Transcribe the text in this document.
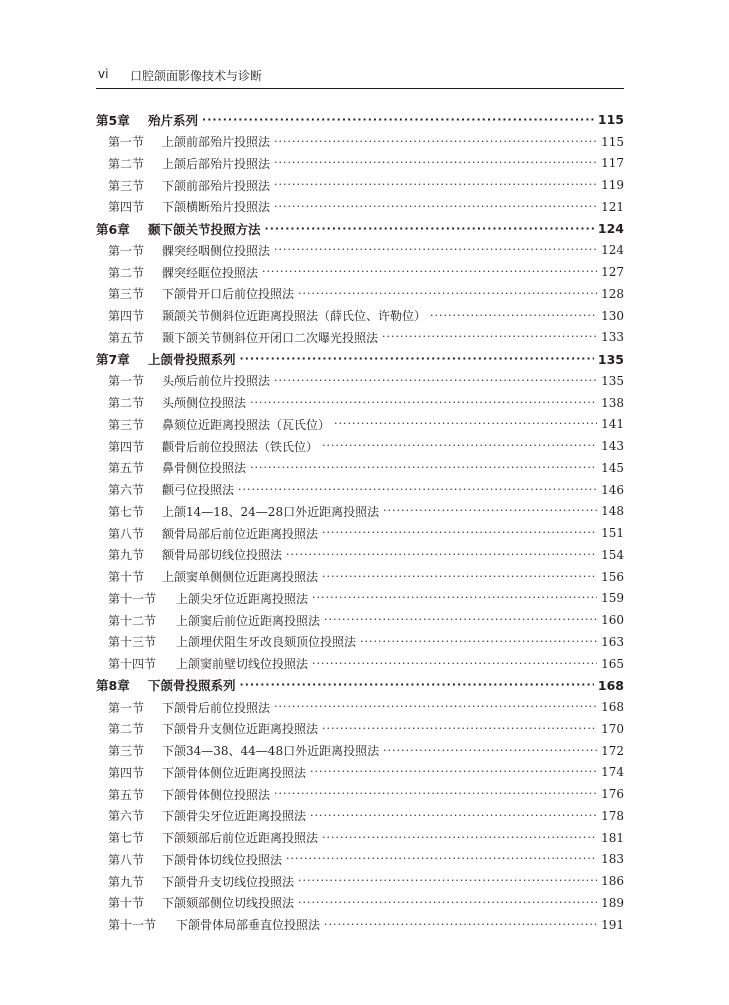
vi 口腔颌面影像技术与诊断
第5章	殆片系列 ·····	115
第一节	上颌前部殆片投照法 ·····	115
第二节	上颌后部殆片投照法 ·····	117
第三节	下颌前部殆片投照法 ·····	119
第四节	下颌横断殆片投照法 ·····	121
第6章	颞下颌关节投照方法 ·····	124
第一节	髁突经咽侧位投照法 ·····	124
第二节	髁突经眶位投照法 ·····	127
第三节	下颌骨开口后前位投照法 ·····	128
第四节	颞颌关节侧斜位近距离投照法（薛氏位、许勒位） ·····	130
第五节	颞下颌关节侧斜位开闭口二次曝光投照法 ·····	133
第7章	上颌骨投照系列 ·····	135
第一节	头颅后前位片投照法 ·····	135
第二节	头颅侧位投照法 ·····	138
第三节	鼻颏位近距离投照法（瓦氏位） ·····	141
第四节	颧骨后前位投照法（铁氏位） ·····	143
第五节	鼻骨侧位投照法 ·····	145
第六节	颧弓位投照法 ·····	146
第七节	上颌14—18、24—28口外近距离投照法 ·····	148
第八节	额骨局部后前位近距离投照法 ·····	151
第九节	额骨局部切线位投照法 ·····	154
第十节	上颌窦单侧侧位近距离投照法 ·····	156
第十一节	上颌尖牙位近距离投照法 ·····	159
第十二节	上颌窦后前位近距离投照法 ·····	160
第十三节	上颌埋伏阻生牙改良颏顶位投照法 ·····	163
第十四节	上颌窦前壁切线位投照法 ·····	165
第8章	下颌骨投照系列 ·····	168
第一节	下颌骨后前位投照法 ·····	168
第二节	下颌骨升支侧位近距离投照法 ·····	170
第三节	下颌34—38、44—48口外近距离投照法 ·····	172
第四节	下颌骨体侧位近距离投照法 ·····	174
第五节	下颌骨体侧位投照法 ·····	176
第六节	下颌骨尖牙位近距离投照法 ·····	178
第七节	下颌颏部后前位近距离投照法 ·····	181
第八节	下颌骨体切线位投照法 ·····	183
第九节	下颌骨升支切线位投照法 ·····	186
第十节	下颌颏部侧位切线投照法 ·····	189
第十一节	下颌骨体局部垂直位投照法 ·····	191
